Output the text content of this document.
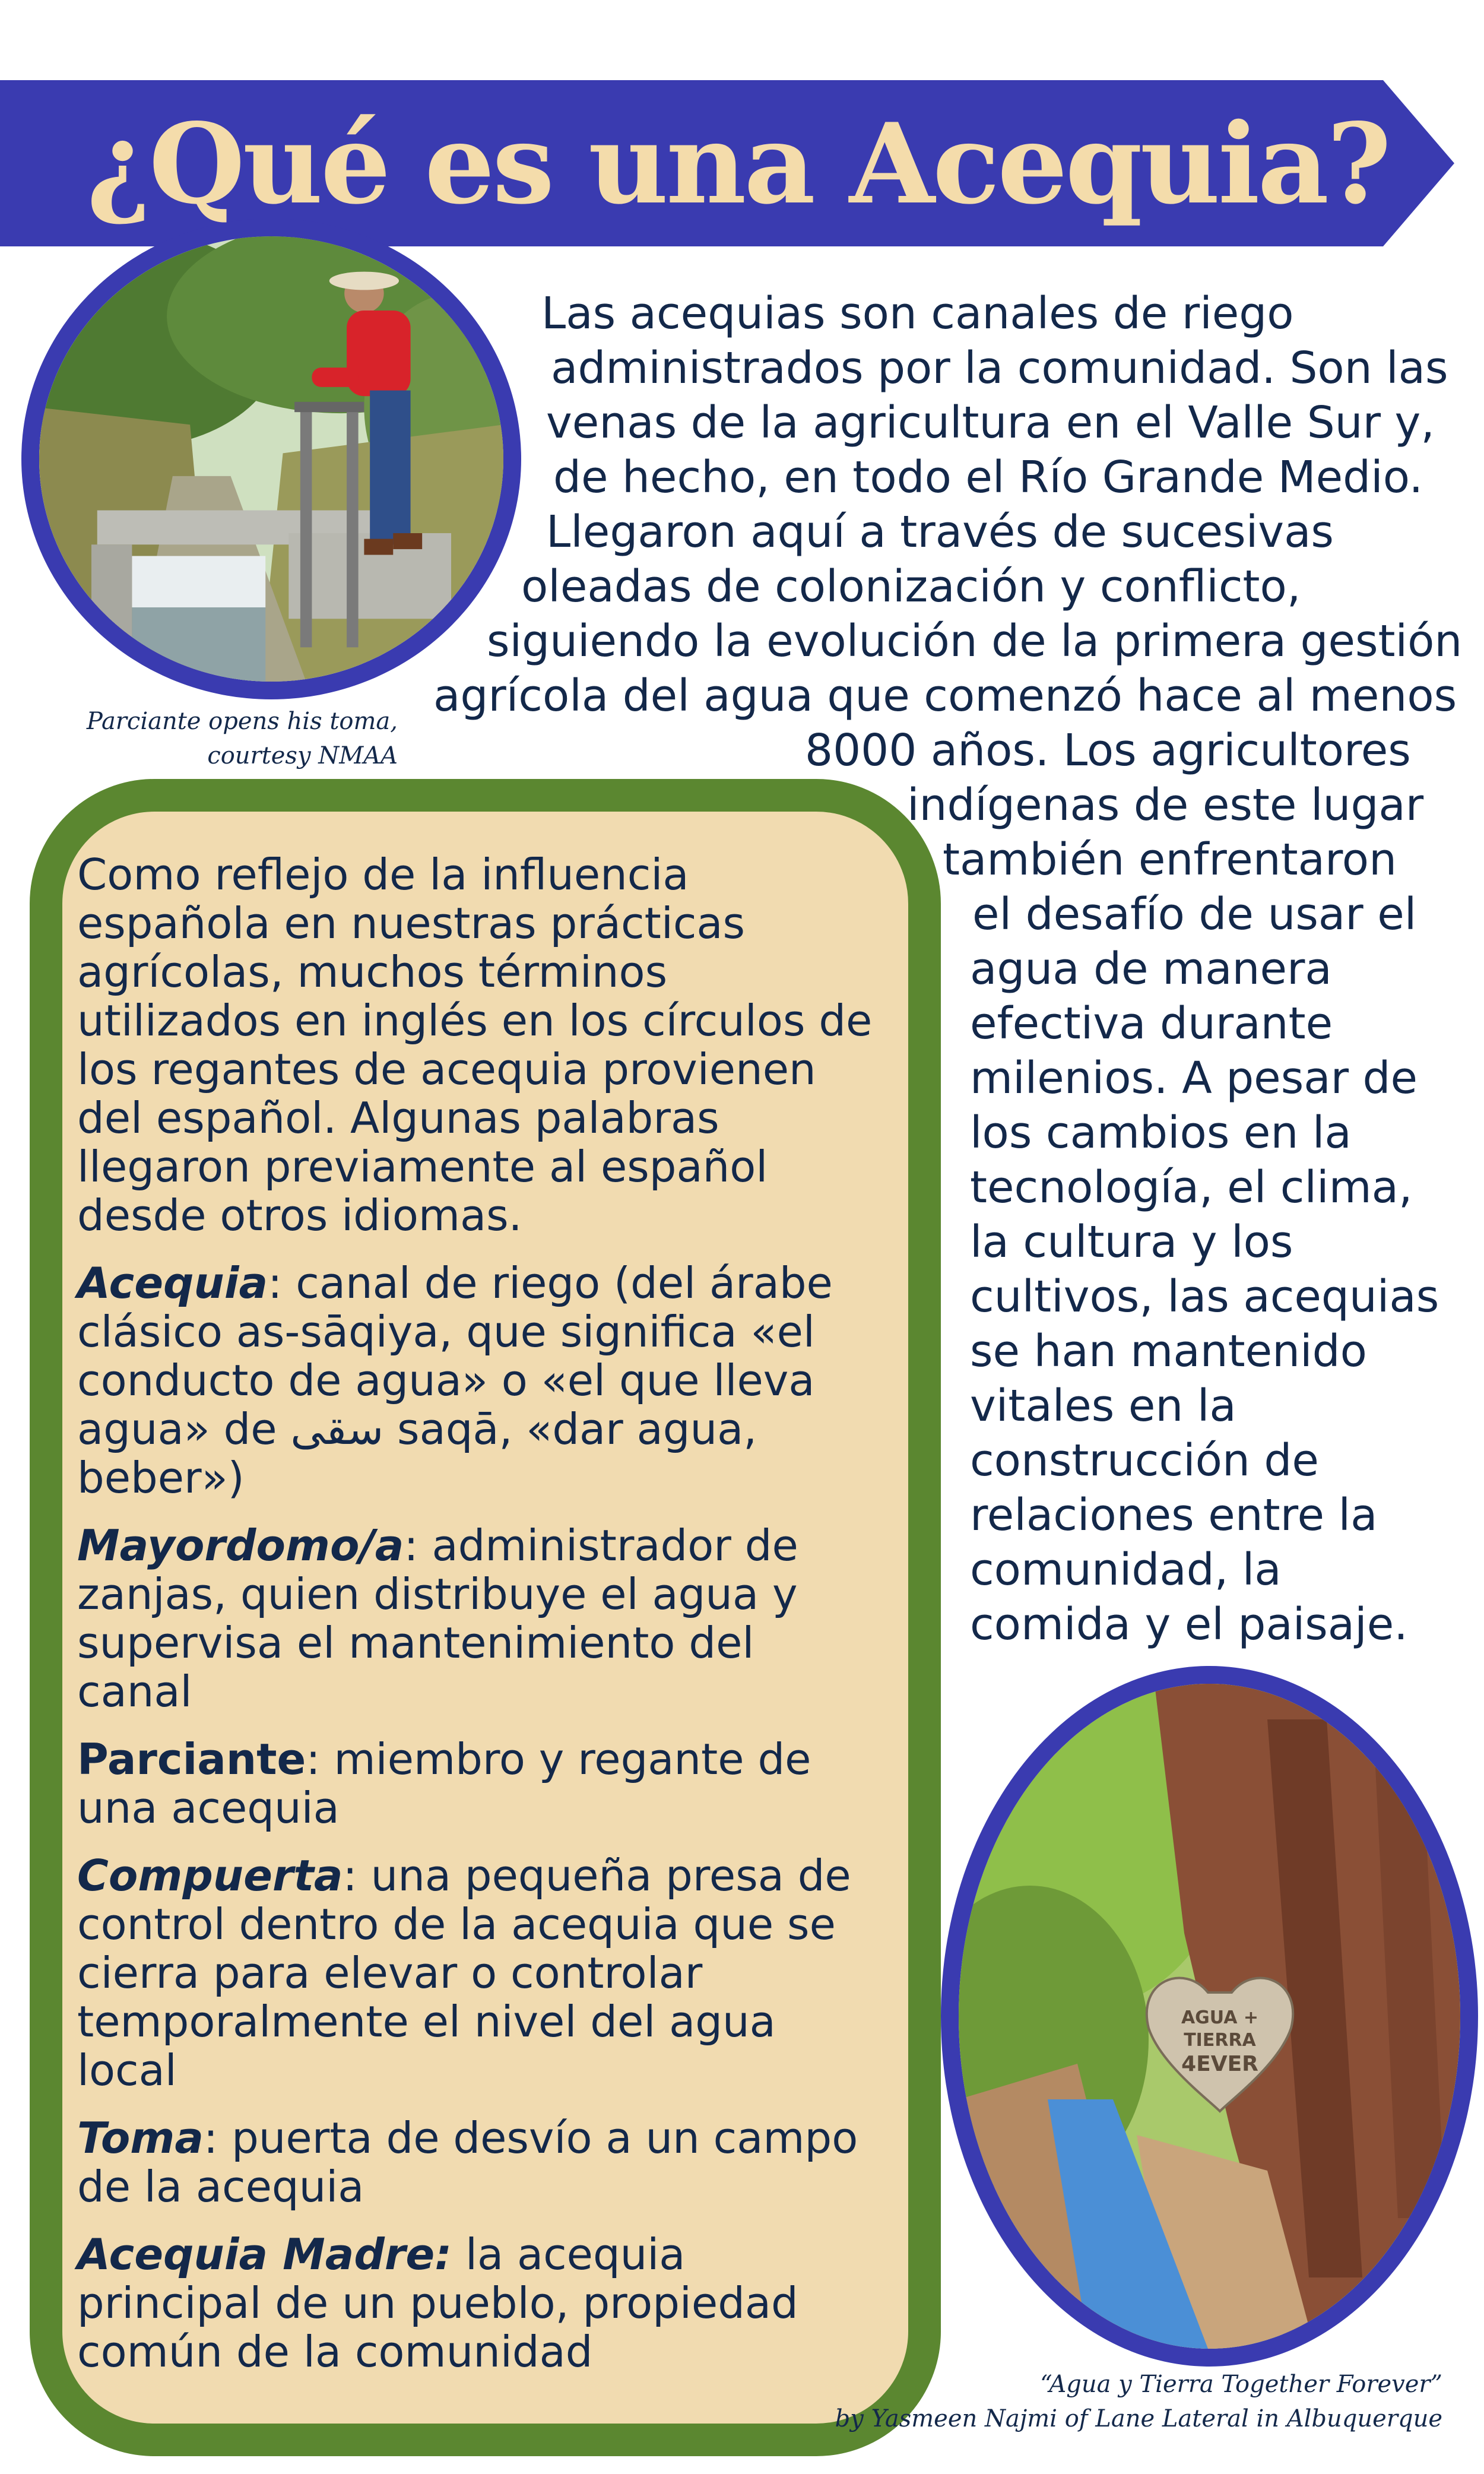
¿Qué es una Acequia?
Parciante opens his toma,
courtesy NMAA
Las acequias son canales de riego
administrados por la comunidad. Son las
venas de la agricultura en el Valle Sur y,
de hecho, en todo el Río Grande Medio.
Llegaron aquí a través de sucesivas
oleadas de colonización y conflicto,
siguiendo la evolución de la primera gestión
agrícola del agua que comenzó hace al menos
8000 años. Los agricultores
indígenas de este lugar
también enfrentaron
el desafío de usar el
agua de manera
efectiva durante
milenios. A pesar de
los cambios en la
tecnología, el clima,
la cultura y los
cultivos, las acequias
se han mantenido
vitales en la
construcción de
relaciones entre la
comunidad, la
comida y el paisaje.

Como reflejo de la influencia española en nuestras prácticas agrícolas, muchos términos utilizados en inglés en los círculos de los regantes de acequia provienen del español. Algunas palabras llegaron previamente al español desde otros idiomas.

Acequia: canal de riego (del árabe clásico as-sāqiya, que significa «el conducto de agua» o «el que lleva agua» de سقى saqā, «dar agua, beber»)

Mayordomo/a: administrador de zanjas, quien distribuye el agua y supervisa el mantenimiento del canal

Parciante: miembro y regante de una acequia

Compuerta: una pequeña presa de control dentro de la acequia que se cierra para elevar o controlar temporalmente el nivel del agua local

Toma: puerta de desvío a un campo de la acequia

Acequia Madre: la acequia principal de un pueblo, propiedad común de la comunidad

AGUA +
TIERRA
4EVER
“Agua y Tierra Together Forever”
by Yasmeen Najmi of Lane Lateral in Albuquerque
